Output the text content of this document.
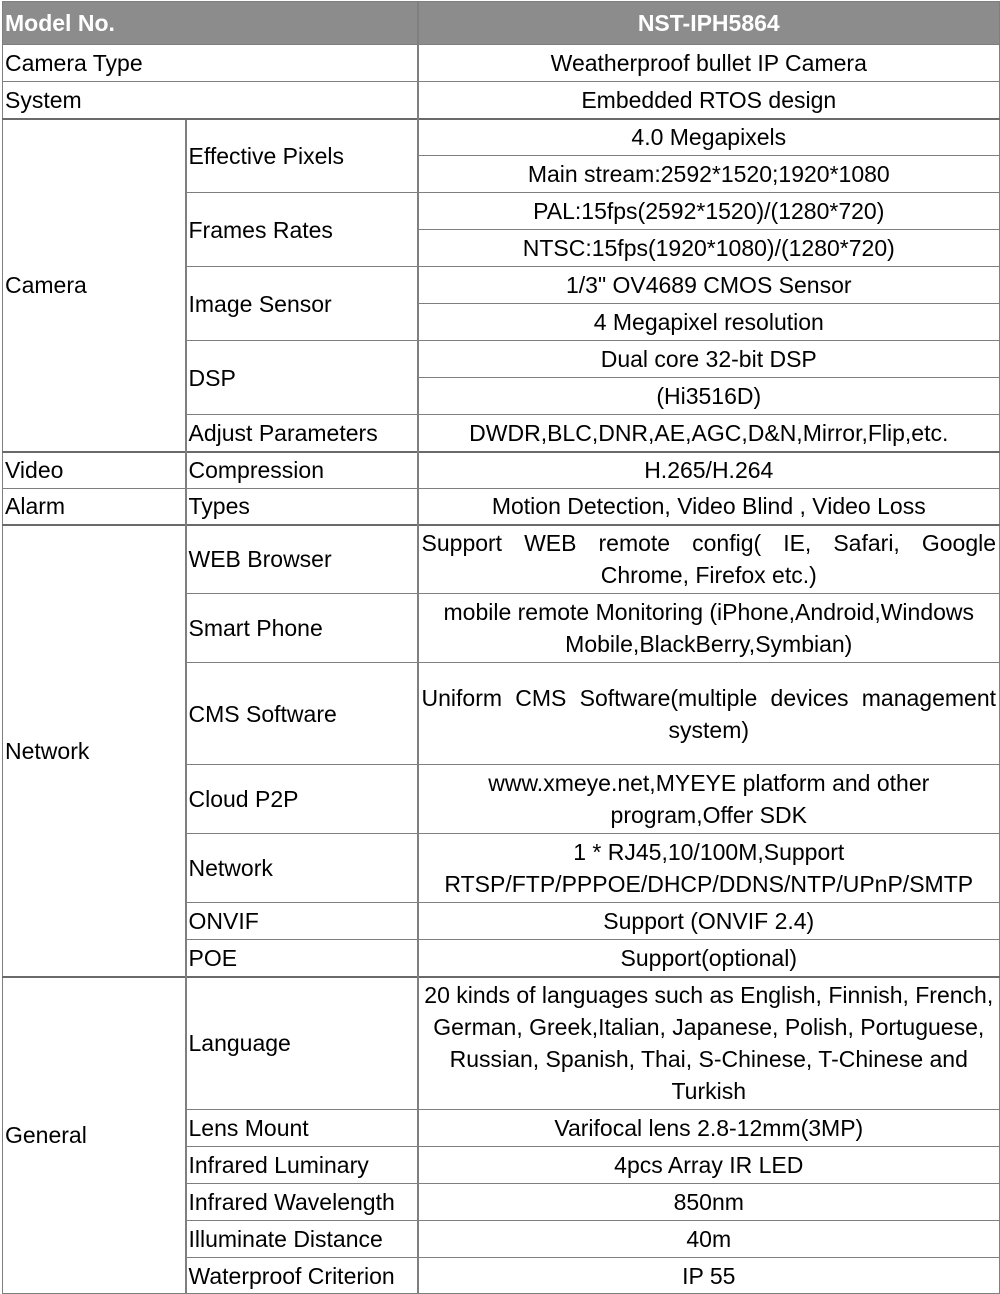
Model No.		NST-IPH5864
Camera Type		Weatherproof bullet IP Camera
System		Embedded RTOS design
Camera	Effective Pixels	4.0 Megapixels
		Main stream:2592*1520;1920*1080
	Frames Rates	PAL:15fps(2592*1520)/(1280*720)
		NTSC:15fps(1920*1080)/(1280*720)
	Image Sensor	1/3" OV4689 CMOS Sensor
		4 Megapixel resolution
	DSP	Dual core 32-bit DSP
		(Hi3516D)
	Adjust Parameters	DWDR,BLC,DNR,AE,AGC,D&N,Mirror,Flip,etc.
Video	Compression	H.265/H.264
Alarm	Types	Motion Detection, Video Blind , Video Loss
Network	WEB Browser	Support WEB remote config( IE, Safari, Google Chrome, Firefox etc.)
	Smart Phone	mobile remote Monitoring (iPhone,Android,Windows Mobile,BlackBerry,Symbian)
	CMS Software	Uniform CMS Software(multiple devices management system)
	Cloud P2P	www.xmeye.net,MYEYE platform and other program,Offer SDK
	Network	1 * RJ45,10/100M,Support RTSP/FTP/PPPOE/DHCP/DDNS/NTP/UPnP/SMTP
	ONVIF	Support (ONVIF 2.4)
	POE	Support(optional)
General	Language	20 kinds of languages such as English, Finnish, French, German, Greek,Italian, Japanese, Polish, Portuguese, Russian, Spanish, Thai, S-Chinese, T-Chinese and Turkish
	Lens Mount	Varifocal lens 2.8-12mm(3MP)
	Infrared Luminary	4pcs Array IR LED
	Infrared Wavelength	850nm
	Illuminate Distance	40m
	Waterproof Criterion	IP 55
